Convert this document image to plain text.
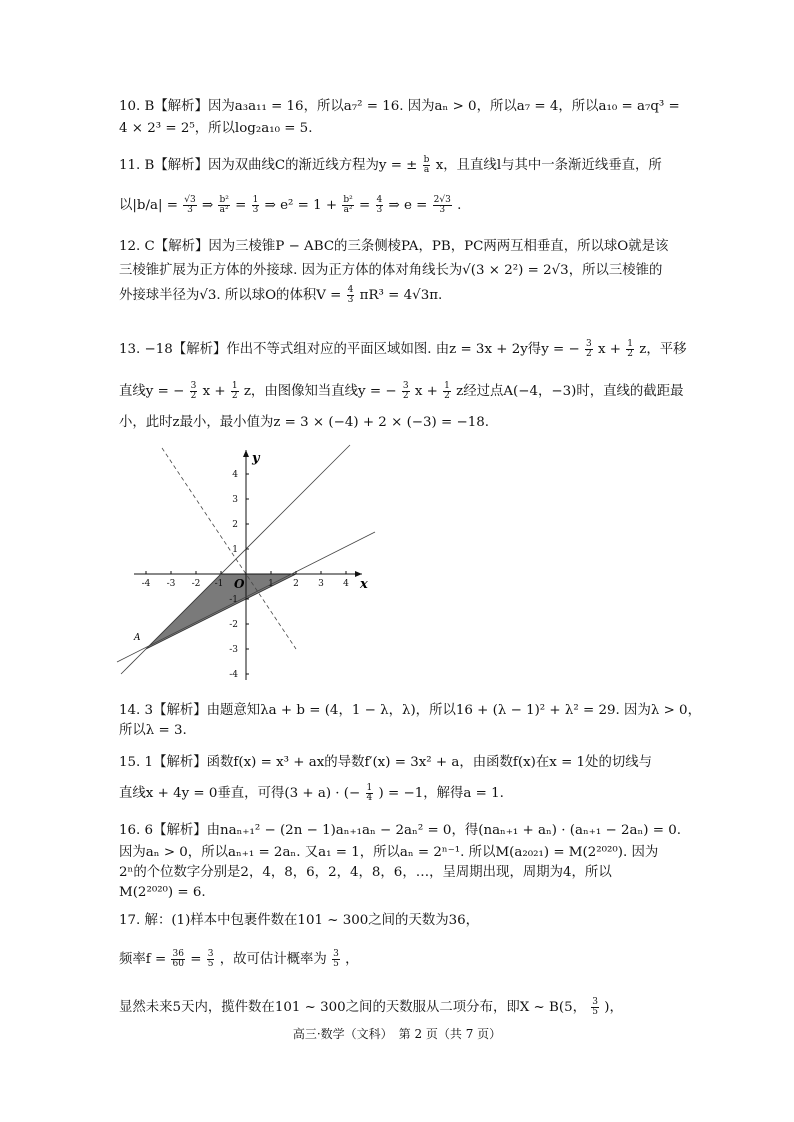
10. B【解析】因为a₃a₁₁ = 16，所以a₇² = 16. 因为aₙ > 0，所以a₇ = 4，所以a₁₀ = a₇q³ =
4 × 2³ = 2⁵，所以log₂a₁₀ = 5.
11. B【解析】因为双曲线C的渐近线方程为y = ± $\frac{b}{a}$ x，且直线l与其中一条渐近线垂直，所
以$|b/a| = \frac{√3}{3}$ ⇒ $\frac{\text{b²}}{\text{a²}} = \frac{1}{3}$ ⇒ $e^2 = 1 + \frac{\text{b²}}{\text{a²}} = \frac{4}{3}$ ⇒ $e = \frac{2√3}{3}$ .
12. C【解析】因为三棱锥P − ABC的三条侧棱PA，PB，PC两两互相垂直，所以球O就是该
三棱锥扩展为正方体的外接球. 因为正方体的体对角线长为√(3 × 2²) = 2√3，所以三棱锥的
外接球半径为√3. 所以球O的体积$V = \frac{4}{3} \pi R^3 = 4√3\pi$.
13. −18【解析】作出不等式组对应的平面区域如图. 由z = 3x + 2y得y = − $\frac{3}{2}$ $x + \frac{1}{2}$ z，平移
直线y = − $\frac{3}{2}$ $x + \frac{1}{2}$ z，由图像知当直线y = − $\frac{3}{2}$ $x + \frac{1}{2}$ z经过点A(−4，−3)时，直线的截距最
小，此时z最小，最小值为z = 3 × (−4) + 2 × (−3) = −18.
-4 -3 -2 -1	1 2 3 4
4
3
2
1
-1
-2
-3
-4
x
y
O
A
14. 3【解析】由题意知λa + b = (4，1 − λ，λ)，所以16 + (λ − 1)² + λ² = 29. 因为λ > 0，
所以λ = 3.
15. 1【解析】函数f(x) = x³ + ax的导数f′(x) = 3x² + a，由函数f(x)在x = 1处的切线与
直线x + 4y = 0垂直，可得(3 + a) · (− $\frac{1}{4}$ ) = −1，解得a = 1.
16. 6【解析】由naₙ₊₁² − (2n − 1)aₙ₊₁aₙ − 2aₙ² = 0，得(naₙ₊₁ + aₙ) · (aₙ₊₁ − 2aₙ) = 0.
因为aₙ > 0，所以aₙ₊₁ = 2aₙ. 又a₁ = 1，所以aₙ = 2ⁿ⁻¹. 所以M(a₂₀₂₁) = M(2²⁰²⁰). 因为
2ⁿ的个位数字分别是2，4，8，6，2，4，8，6，…，呈周期出现，周期为4，所以
M(2²⁰²⁰) = 6.
17. 解：(1)样本中包裹件数在101 ~ 300之间的天数为36，
频率$f = \frac{36}{60} = \frac{3}{5}$ ，故可估计概率为 $\frac{3}{5}$ ，
显然未来5天内，揽件数在101 ~ 300之间的天数服从二项分布，即X ~ B(5， $\frac{3}{5}$ )，
高三·数学（文科）　第 2 页（共 7 页）
